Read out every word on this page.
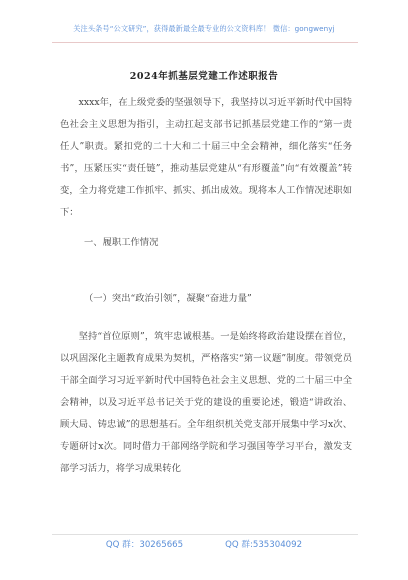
关注头条号“公文研究”，获得最新最全最专业的公文资料库！ 微信：gongwenyj
2024年抓基层党建工作述职报告
xxxx年，在上级党委的坚强领导下，我坚持以习近平新时代中国特色社会主义思想为指引，主动扛起支部书记抓基层党建工作的“第一责任人”职责。紧扣党的二十大和二十届三中全会精神，细化落实“任务书”，压紧压实“责任链”，推动基层党建从“有形覆盖”向“有效覆盖”转变，全力将党建工作抓牢、抓实、抓出成效。现将本人工作情况述职如下：
一、履职工作情况
（一）突出“政治引领”，凝聚“奋进力量”
坚持“首位原则”，筑牢忠诚根基。一是始终将政治建设摆在首位，以巩固深化主题教育成果为契机，严格落实“第一议题”制度。带领党员干部全面学习习近平新时代中国特色社会主义思想、党的二十届三中全会精神，以及习近平总书记关于党的建设的重要论述，锻造“讲政治、顾大局、铸忠诚”的思想基石。全年组织机关党支部开展集中学习x次、专题研讨x次。同时借力干部网络学院和学习强国等学习平台，激发支部学习活力，将学习成果转化
QQ 群：30265665	QQ 群:535304092
